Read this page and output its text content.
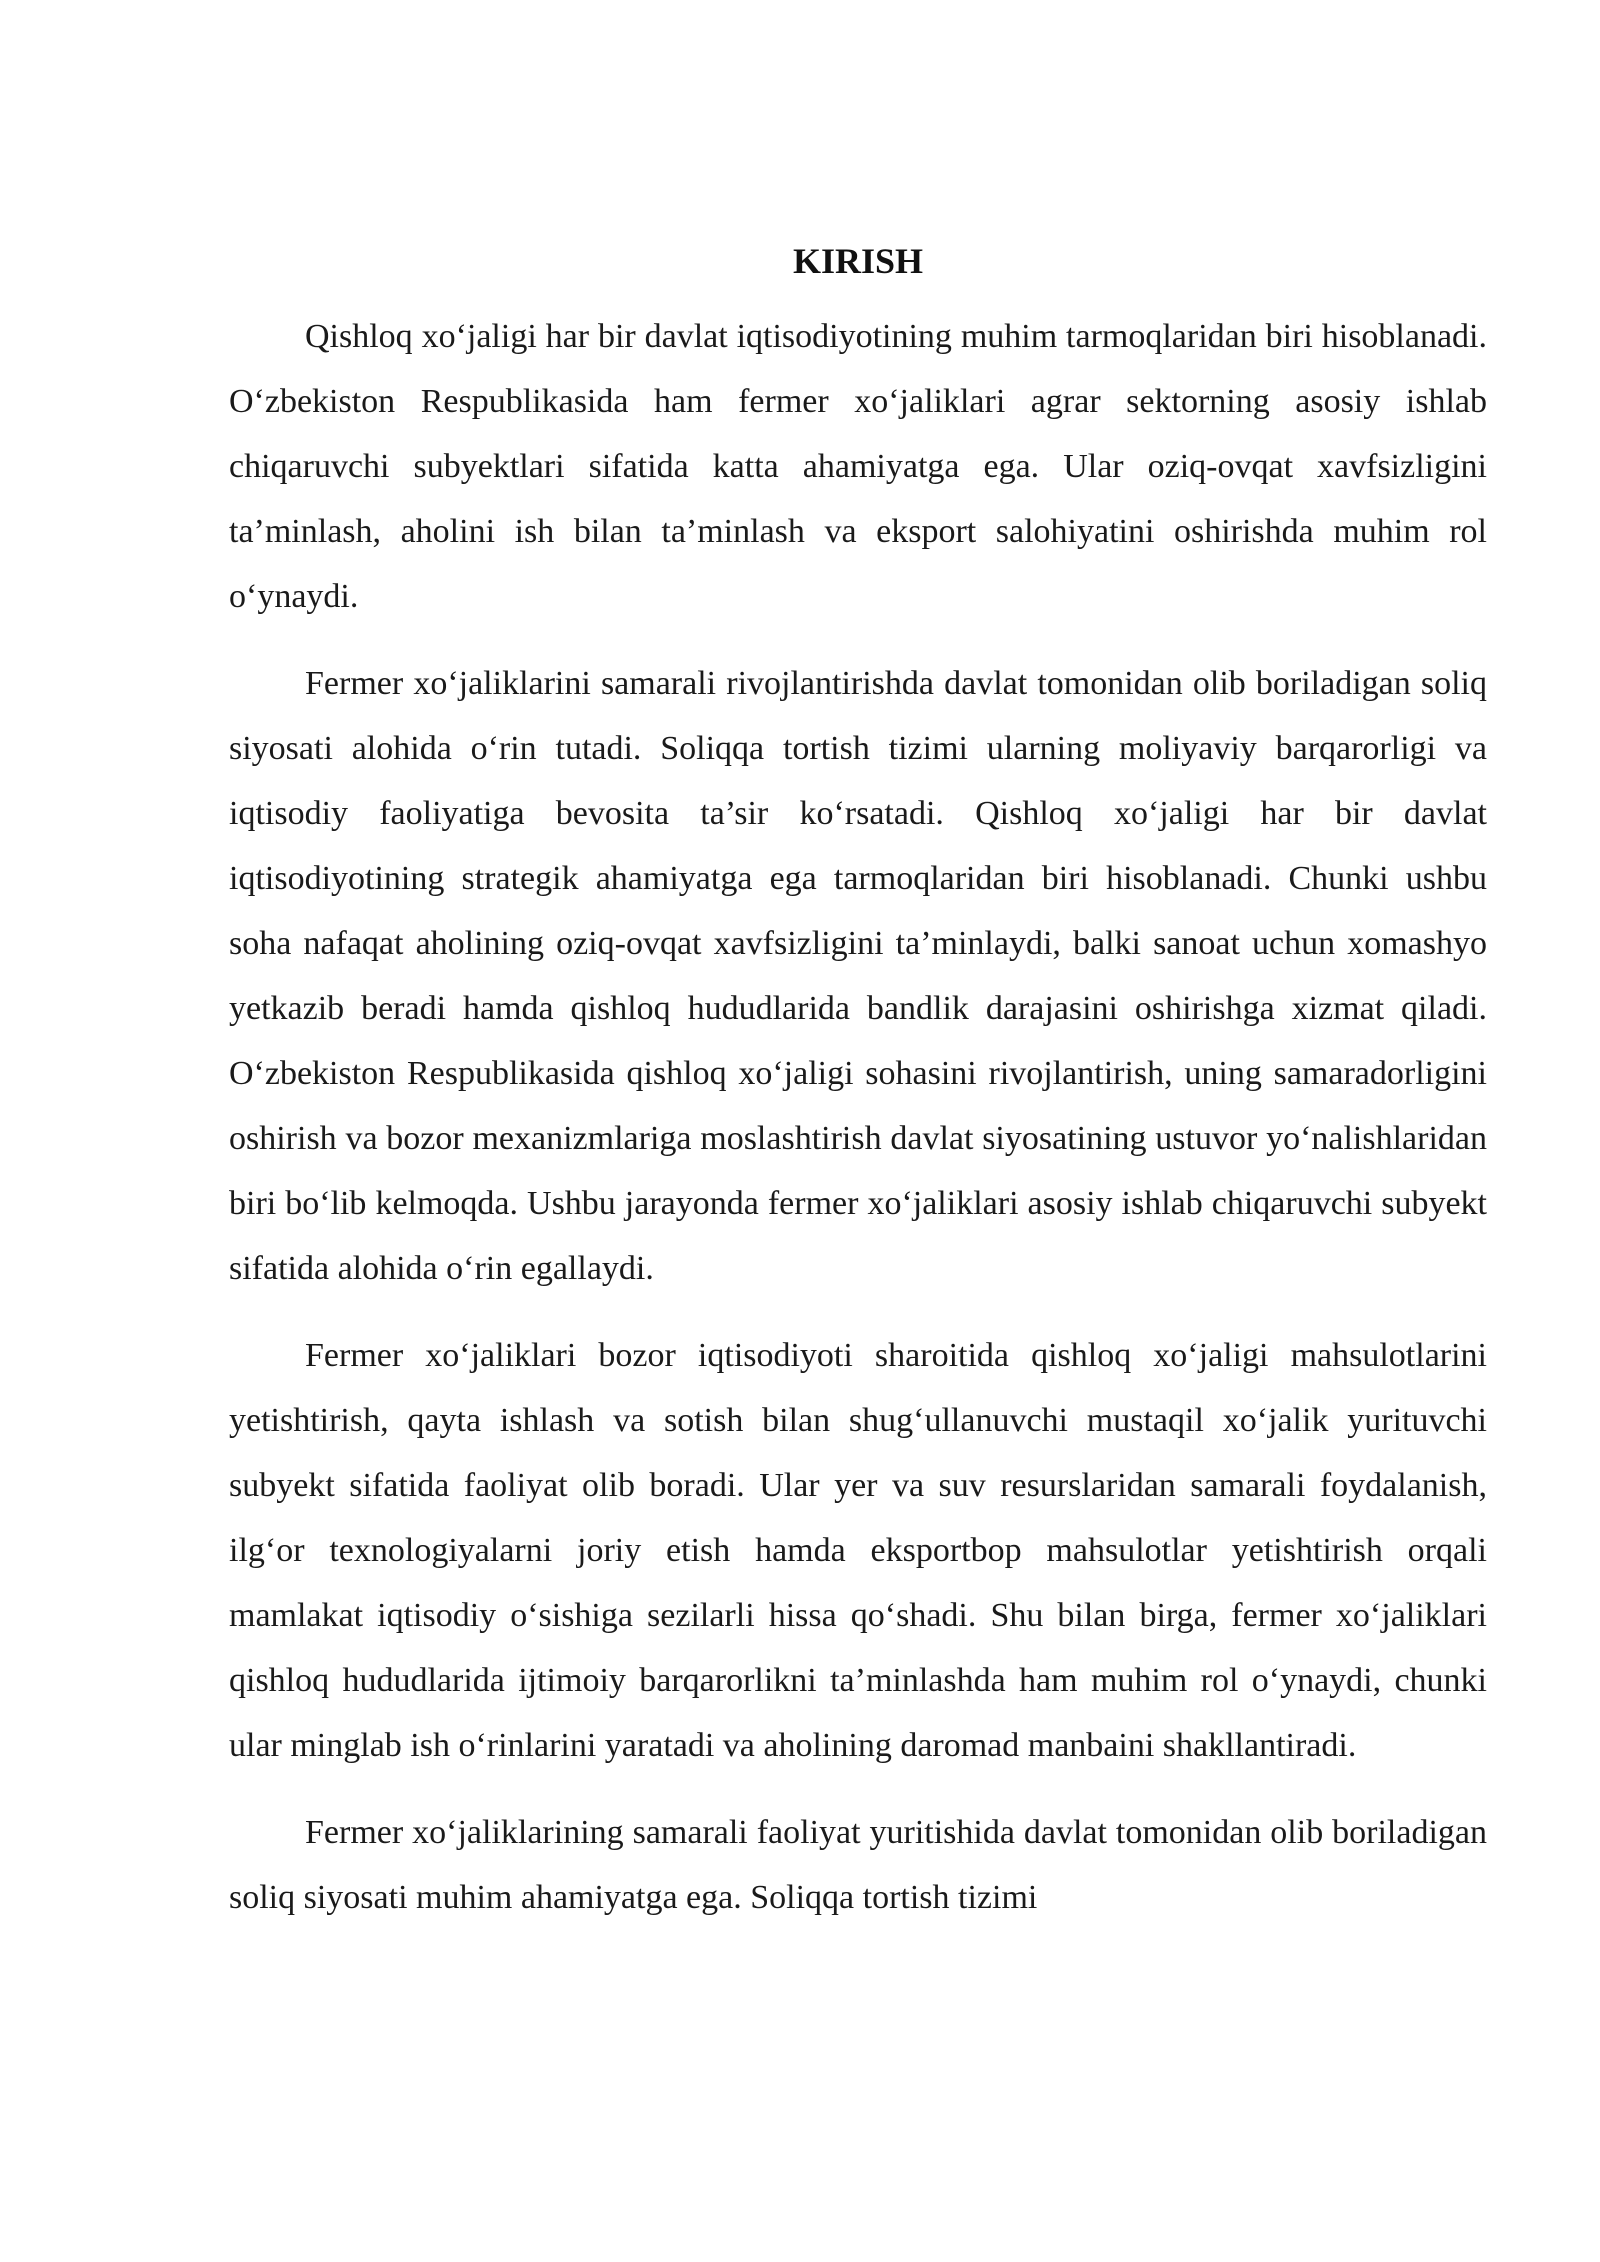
KIRISH

Qishloq xo‘jaligi har bir davlat iqtisodiyotining muhim tarmoqlaridan biri hisoblanadi. O‘zbekiston Respublikasida ham fermer xo‘jaliklari agrar sektorning asosiy ishlab chiqaruvchi subyektlari sifatida katta ahamiyatga ega. Ular oziq-ovqat xavfsizligini ta’minlash, aholini ish bilan ta’minlash va eksport salohiyatini oshirishda muhim rol o‘ynaydi.

Fermer xo‘jaliklarini samarali rivojlantirishda davlat tomonidan olib boriladigan soliq siyosati alohida o‘rin tutadi. Soliqqa tortish tizimi ularning moliyaviy barqarorligi va iqtisodiy faoliyatiga bevosita ta’sir ko‘rsatadi. Qishloq xo‘jaligi har bir davlat iqtisodiyotining strategik ahamiyatga ega tarmoqlaridan biri hisoblanadi. Chunki ushbu soha nafaqat aholining oziq-ovqat xavfsizligini ta’minlaydi, balki sanoat uchun xomashyo yetkazib beradi hamda qishloq hududlarida bandlik darajasini oshirishga xizmat qiladi. O‘zbekiston Respublikasida qishloq xo‘jaligi sohasini rivojlantirish, uning samaradorligini oshirish va bozor mexanizmlariga moslashtirish davlat siyosatining ustuvor yo‘nalishlaridan biri bo‘lib kelmoqda. Ushbu jarayonda fermer xo‘jaliklari asosiy ishlab chiqaruvchi subyekt sifatida alohida o‘rin egallaydi.

Fermer xo‘jaliklari bozor iqtisodiyoti sharoitida qishloq xo‘jaligi mahsulotlarini yetishtirish, qayta ishlash va sotish bilan shug‘ullanuvchi mustaqil xo‘jalik yurituvchi subyekt sifatida faoliyat olib boradi. Ular yer va suv resurslaridan samarali foydalanish, ilg‘or texnologiyalarni joriy etish hamda eksportbop mahsulotlar yetishtirish orqali mamlakat iqtisodiy o‘sishiga sezilarli hissa qo‘shadi. Shu bilan birga, fermer xo‘jaliklari qishloq hududlarida ijtimoiy barqarorlikni ta’minlashda ham muhim rol o‘ynaydi, chunki ular minglab ish o‘rinlarini yaratadi va aholining daromad manbaini shakllantiradi.

Fermer xo‘jaliklarining samarali faoliyat yuritishida davlat tomonidan olib boriladigan soliq siyosati muhim ahamiyatga ega. Soliqqa tortish tizimi
